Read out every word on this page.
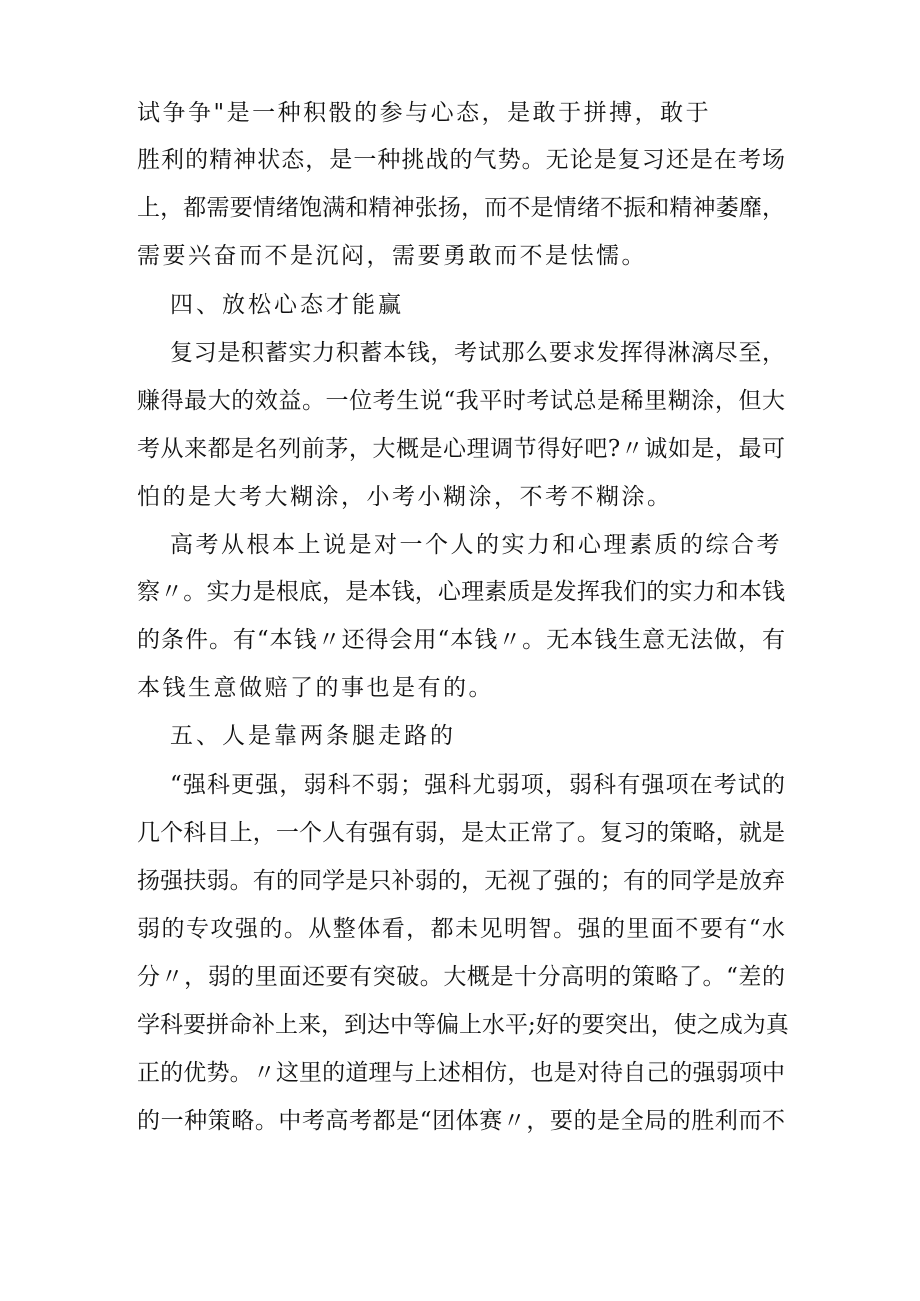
试争争"是一种积骰的参与心态，是敢于拼搏，敢于
胜利的精神状态，是一种挑战的气势。无论是复习还是在考场
上，都需要情绪饱满和精神张扬，而不是情绪不振和精神萎靡，
需要兴奋而不是沉闷，需要勇敢而不是怯懦。
四、放松心态才能赢
复习是积蓄实力积蓄本钱，考试那么要求发挥得淋漓尽至，
赚得最大的效益。一位考生说“我平时考试总是稀里糊涂，但大
考从来都是名列前茅，大概是心理调节得好吧?〃诚如是，最可
怕的是大考大糊涂，小考小糊涂，不考不糊涂。
高考从根本上说是对一个人的实力和心理素质的综合考
察〃。实力是根底，是本钱，心理素质是发挥我们的实力和本钱
的条件。有“本钱〃还得会用“本钱〃。无本钱生意无法做，有
本钱生意做赔了的事也是有的。
五、人是靠两条腿走路的
“强科更强，弱科不弱；强科尤弱项，弱科有强项在考试的
几个科目上，一个人有强有弱，是太正常了。复习的策略，就是
扬强扶弱。有的同学是只补弱的，无视了强的；有的同学是放弃
弱的专攻强的。从整体看，都未见明智。强的里面不要有“水
分〃，弱的里面还要有突破。大概是十分高明的策略了。“差的
学科要拼命补上来，到达中等偏上水平;好的要突出，使之成为真
正的优势。〃这里的道理与上述相仿，也是对待自己的强弱项中
的一种策略。中考高考都是“团体赛〃，要的是全局的胜利而不
